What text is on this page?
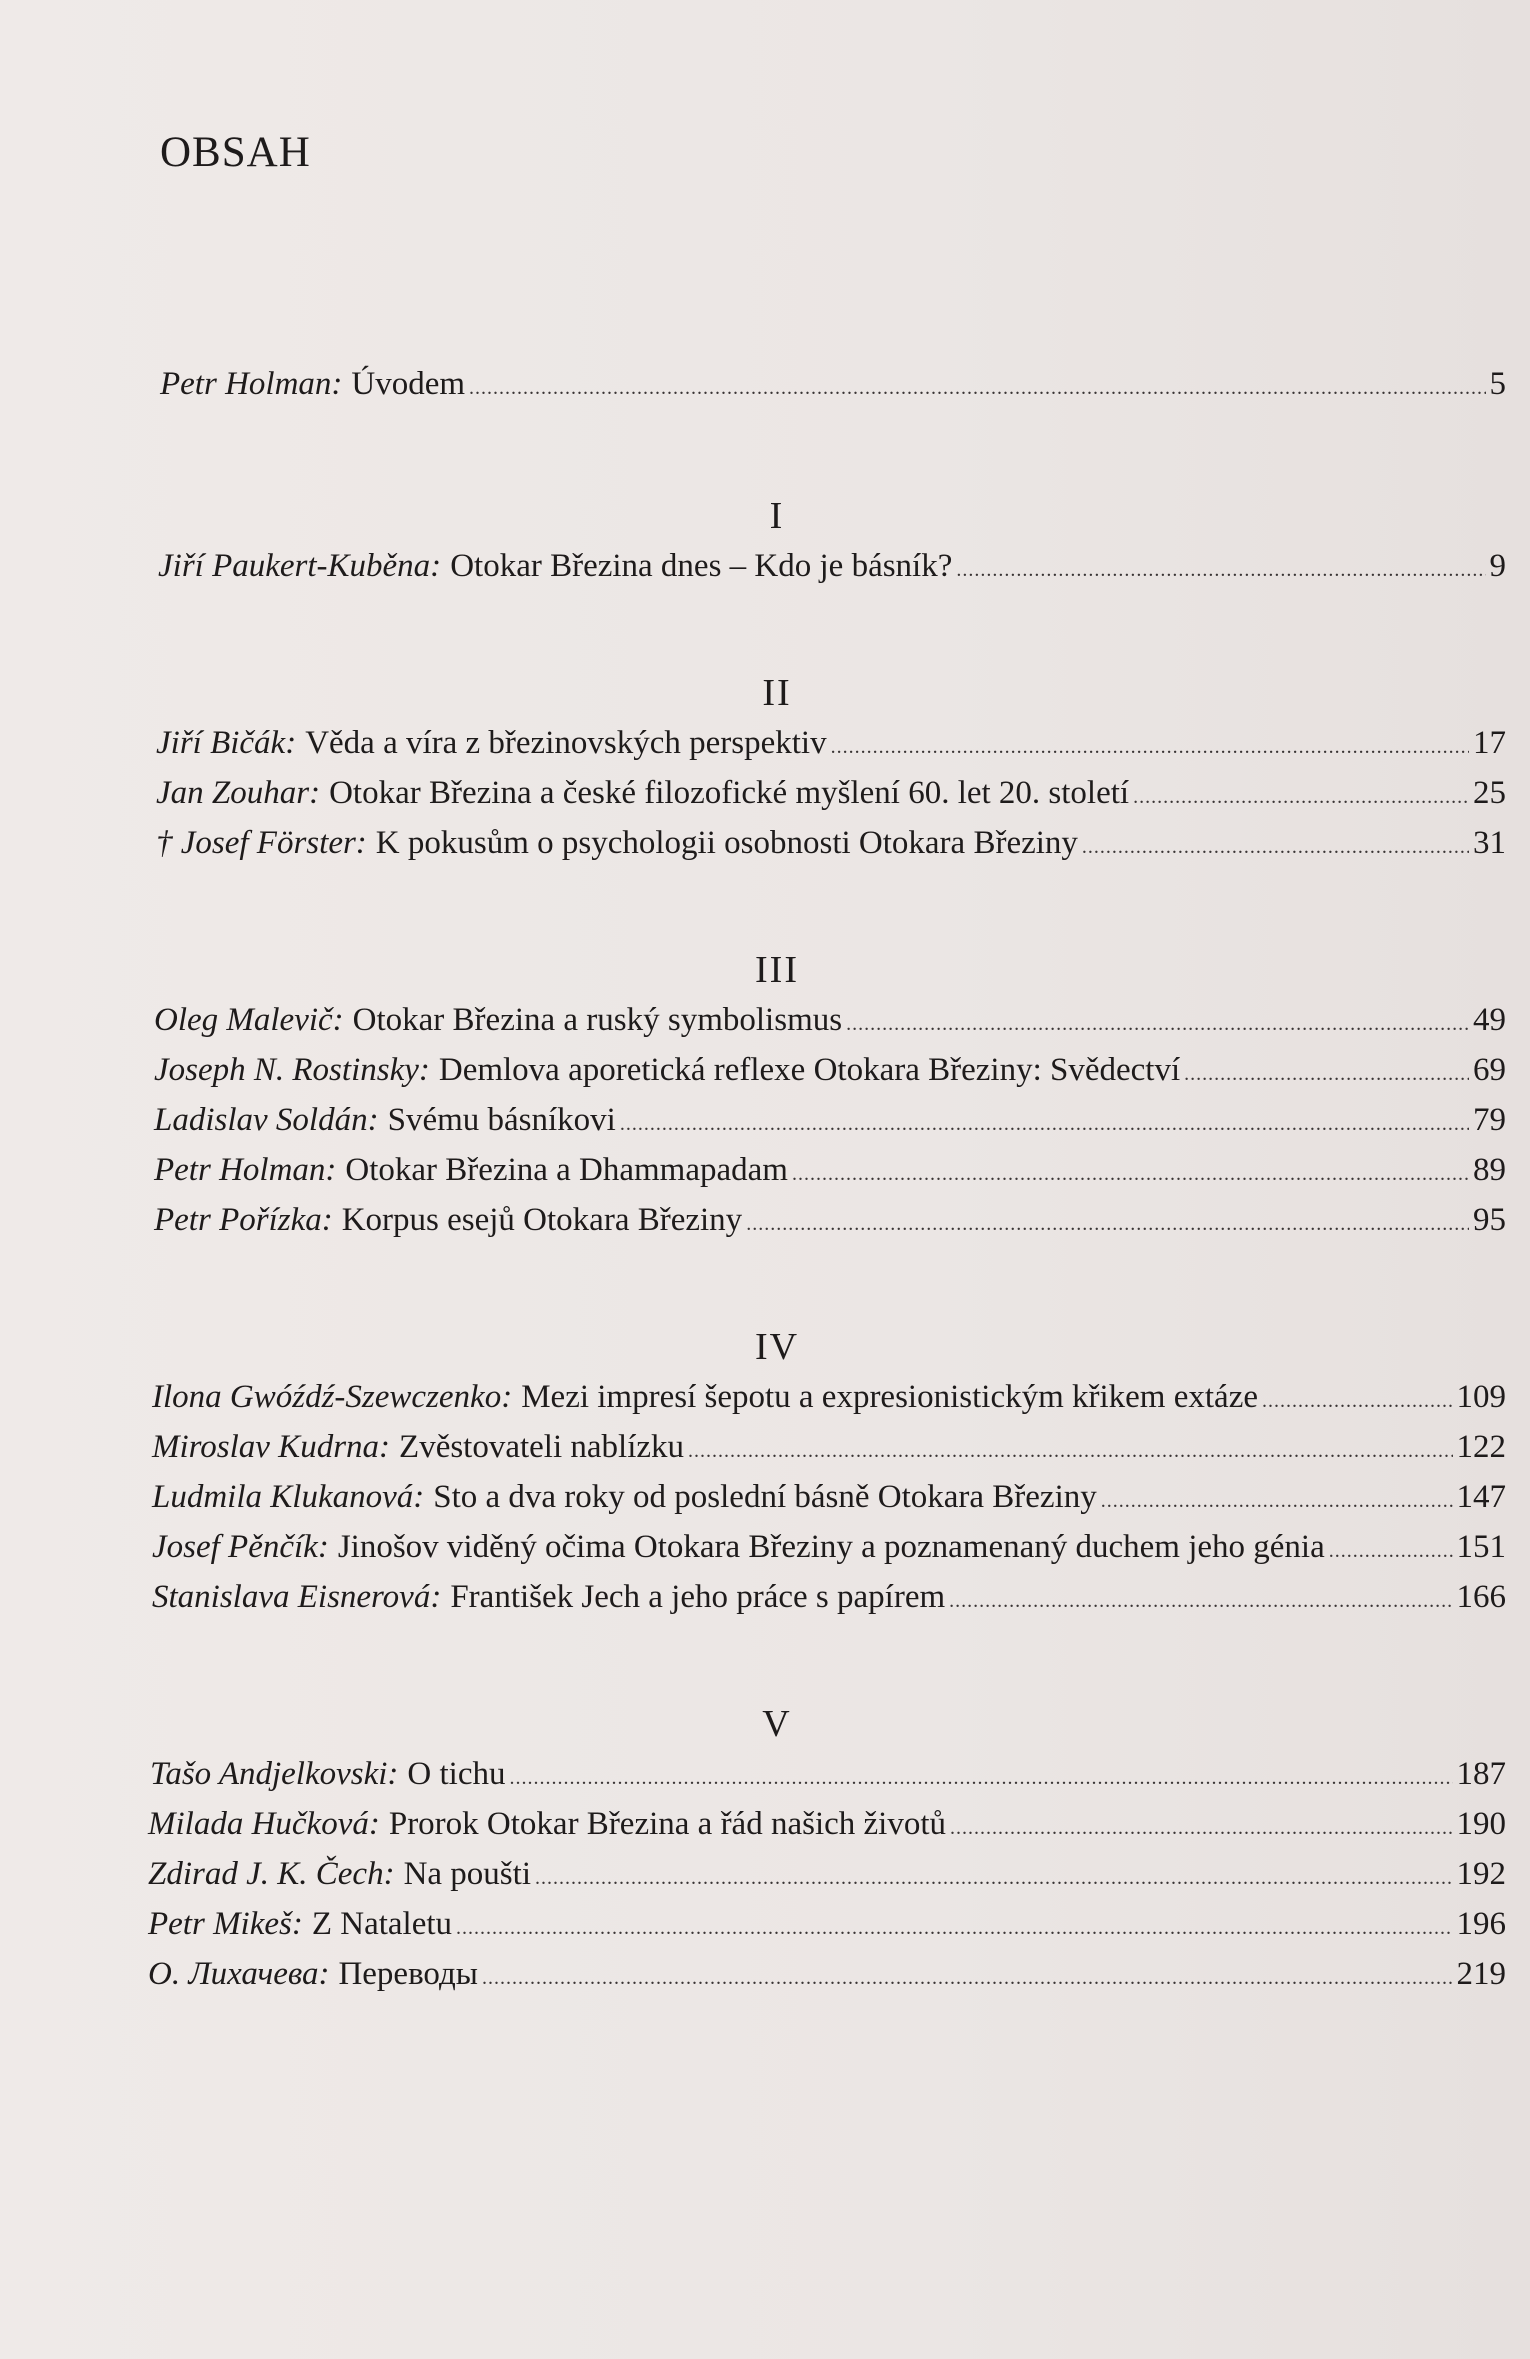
OBSAH
Petr Holman: Úvodem .....	5
I
Jiří Paukert-Kuběna: Otokar Březina dnes – Kdo je básník? .....	9
II
Jiří Bičák: Věda a víra z březinovských perspektiv .....	17
Jan Zouhar: Otokar Březina a české filozofické myšlení 60. let 20. století .....	25
† Josef Förster: K pokusům o psychologii osobnosti Otokara Březiny .....	31
III
Oleg Malevič: Otokar Březina a ruský symbolismus .....	49
Joseph N. Rostinsky: Demlova aporetická reflexe Otokara Březiny: Svědectví .....	69
Ladislav Soldán: Svému básníkovi .....	79
Petr Holman: Otokar Březina a Dhammapadam .....	89
Petr Pořízka: Korpus esejů Otokara Březiny .....	95
IV
Ilona Gwóźdź-Szewczenko: Mezi impresí šepotu a expresionistickým křikem extáze .....	109
Miroslav Kudrna: Zvěstovateli nablízku .....	122
Ludmila Klukanová: Sto a dva roky od poslední básně Otokara Březiny .....	147
Josef Pěnčík: Jinošov viděný očima Otokara Březiny a poznamenaný duchem jeho génia .....	151
Stanislava Eisnerová: František Jech a jeho práce s papírem .....	166
V
Tašo Andjelkovski: O tichu .....	187
Milada Hučková: Prorok Otokar Březina a řád našich životů .....	190
Zdirad J. K. Čech: Na poušti .....	192
Petr Mikeš: Z Nataletu .....	196
O. Лихачева: Переводы .....	219
